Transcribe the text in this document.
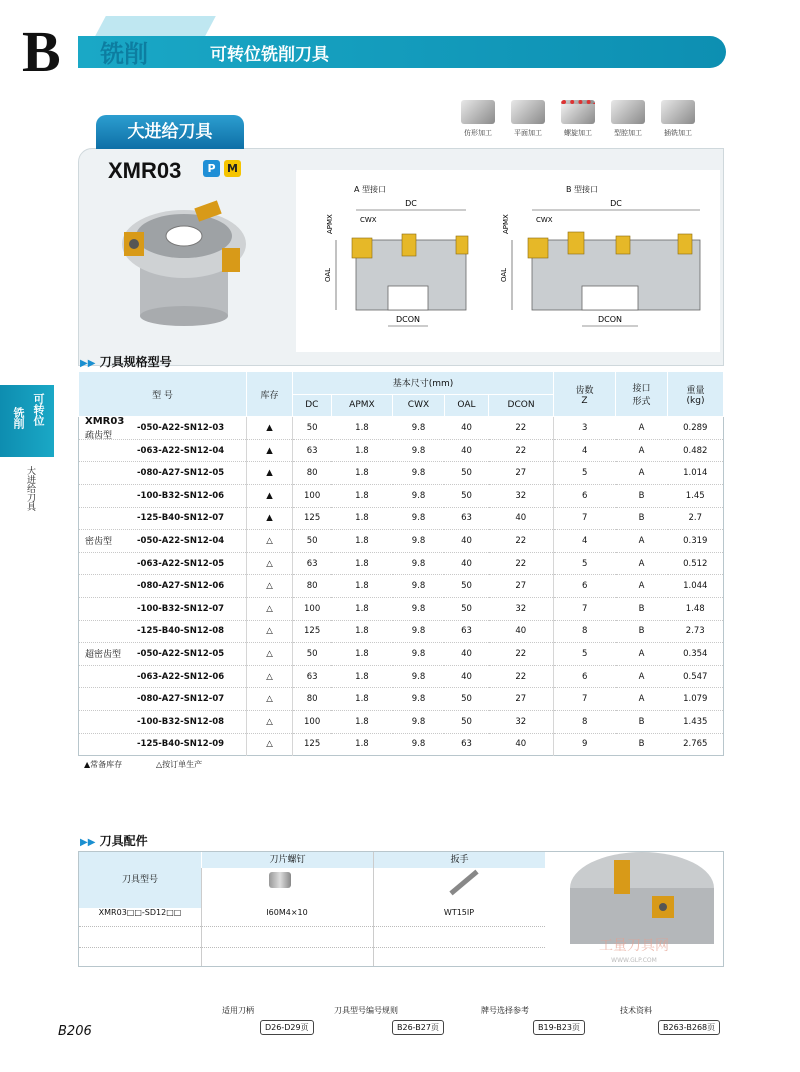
B 铣削	可转位铣削刀具
仿形加工	平面加工	螺旋加工	型腔加工	插铣加工
大进给刀具
XMR03	P	M
A 型接口	B 型接口
DC	DC
CWX	CWX
APMX	APMX
OAL	OAL
DCON	DCON
▶▶ 刀具规格型号
可转位
铣削
大进给刀具
型 号	库存	基本尺寸(mm)					齿数
Z	接口
形式	重量
(kg)
		DC	APMX	CWX	OAL	DCON			

XMR03
疏齿型
-050-A22-SN12-03	▲	50	1.8	9.8	40	22	3	A	0.289
-063-A22-SN12-04	▲	63	1.8	9.8	40	22	4	A	0.482
-080-A27-SN12-05	▲	80	1.8	9.8	50	27	5	A	1.014
-100-B32-SN12-06	▲	100	1.8	9.8	50	32	6	B	1.45
-125-B40-SN12-07	▲	125	1.8	9.8	63	40	7	B	2.7

密齿型 -050-A22-SN12-04	△	50	1.8	9.8	40	22	4	A	0.319
-063-A22-SN12-05	△	63	1.8	9.8	40	22	5	A	0.512
-080-A27-SN12-06	△	80	1.8	9.8	50	27	6	A	1.044
-100-B32-SN12-07	△	100	1.8	9.8	50	32	7	B	1.48
-125-B40-SN12-08	△	125	1.8	9.8	63	40	8	B	2.73

超密齿型 -050-A22-SN12-05	△	50	1.8	9.8	40	22	5	A	0.354
-063-A22-SN12-06	△	63	1.8	9.8	40	22	6	A	0.547
-080-A27-SN12-07	△	80	1.8	9.8	50	27	7	A	1.079
-100-B32-SN12-08	△	100	1.8	9.8	50	32	8	B	1.435
-125-B40-SN12-09	△	125	1.8	9.8	63	40	9	B	2.765
▲常备库存	△按订单生产
▶▶ 刀具配件
刀具型号
刀片螺钉	扳手
XMR03□□-SD12□□	I60M4×10	WT15IP
工量刀具网
WWW.GLP.COM
适用刀柄
D26-D29页
刀具型号编号规则
B26-B27页
牌号选择参考
B19-B23页
技术资料
B263-B268页
B206
